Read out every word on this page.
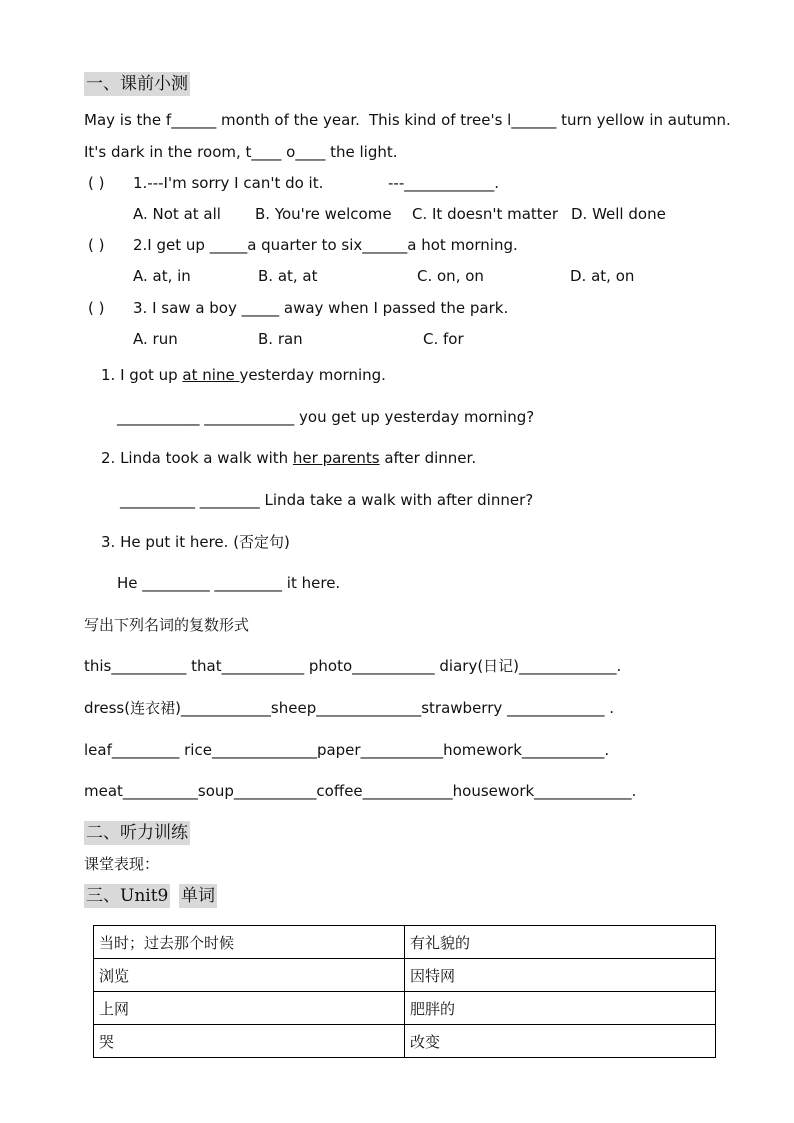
一、课前小测
May is the f______ month of the year. This kind of tree's l______ turn yellow in autumn.
It's dark in the room, t____ o____ the light.
( ) 1.---I'm sorry I can't do it.	---____________.
A. Not at all B. You're welcome C. It doesn't matter D. Well done
( ) 2.I get up _____a quarter to six______a hot morning.
A. at, in	B. at, at	C. on, on	D. at, on
( ) 3. I saw a boy _____ away when I passed the park.
A. run	B. ran	C. for
1. I got up at nine yesterday morning.
___________ ____________ you get up yesterday morning?
2. Linda took a walk with her parents after dinner.
__________ ________ Linda take a walk with after dinner?
3. He put it here. (否定句)
He _________ _________ it here.
写出下列名词的复数形式
this__________ that___________ photo___________ diary(日记)_____________.
dress(连衣裙)____________sheep______________strawberry _____________ .
leaf_________ rice______________paper___________homework___________.
meat__________soup___________coffee____________housework_____________.
二、听力训练
课堂表现：
三、Unit9 单词
当时；过去那个时候	有礼貌的
浏览	因特网
上网	肥胖的
哭	改变
